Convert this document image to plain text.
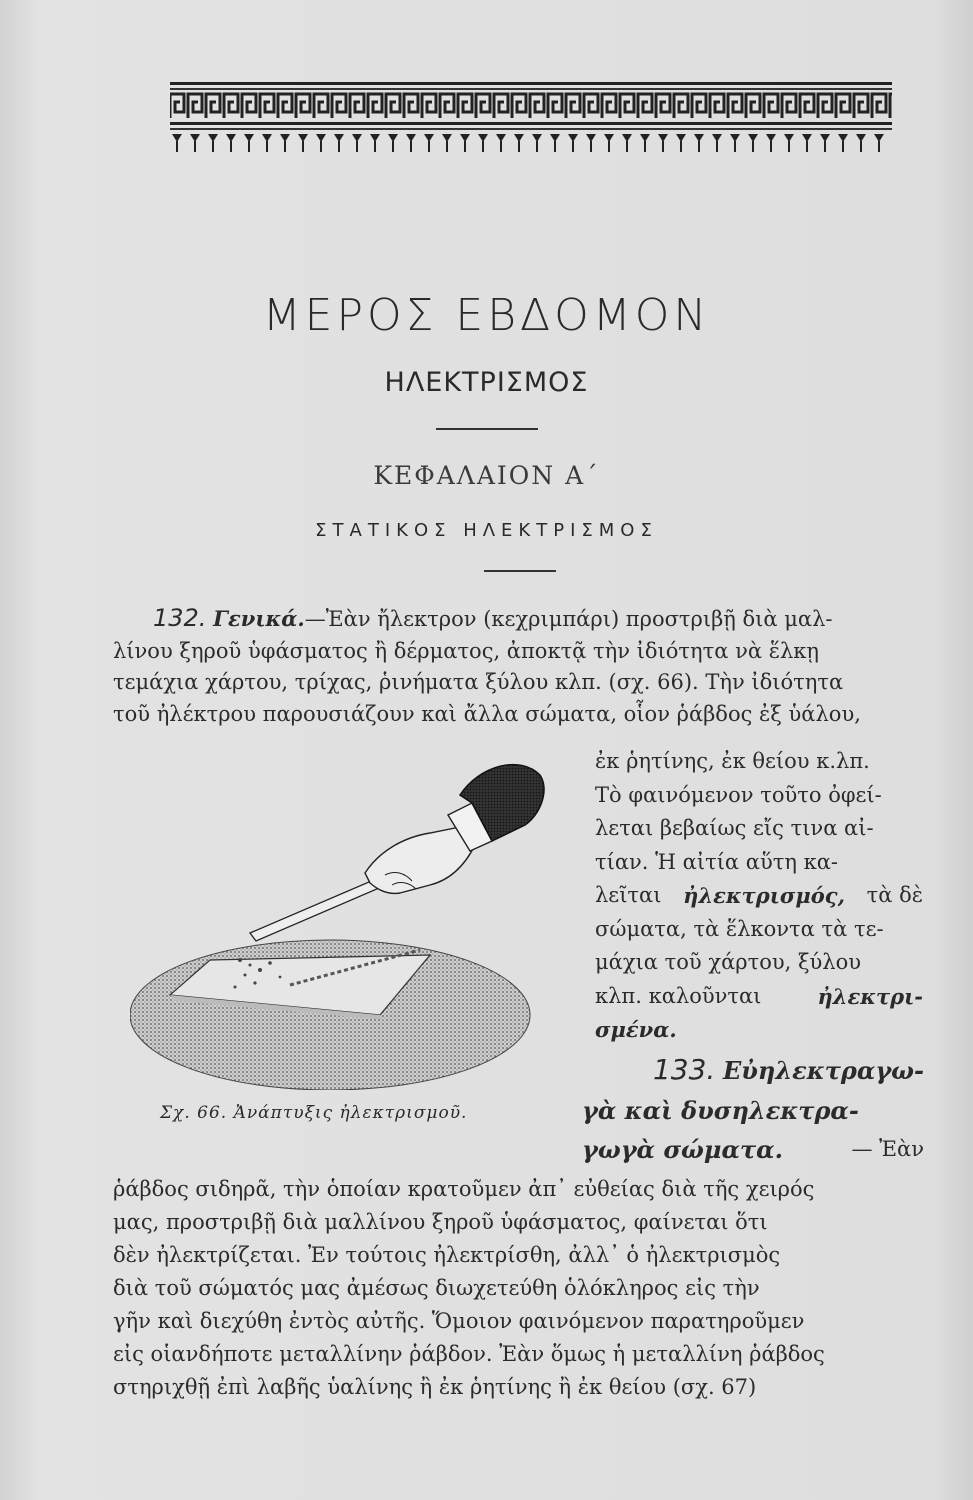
ΜΕΡΟΣ ΕΒΔΟΜΟΝ
ΗΛΕΚΤΡΙΣΜΟΣ
ΚΕΦΑΛΑΙΟΝ Α΄
ΣΤΑΤΙΚΟΣ ΗΛΕΚΤΡΙΣΜΟΣ
132. Γενικά.—Ἐὰν ἤλεκτρον (κεχριμπάρι) προστριβῇ διὰ μαλ-
λίνου ξηροῦ ὑφάσματος ἢ δέρματος, ἀποκτᾷ τὴν ἰδιότητα νὰ ἕλκῃ
τεμάχια χάρτου, τρίχας, ῥινήματα ξύλου κλπ. (σχ. 66). Τὴν ἰδιότητα
τοῦ ἠλέκτρου παρουσιάζουν καὶ ἄλλα σώματα, οἷον ῥάβδος ἐξ ὑάλου,
ἐκ ῥητίνης, ἐκ θείου κ.λπ.
Τὸ φαινόμενον τοῦτο ὀφεί-
λεται βεβαίως εἴς τινα αἰ-
τίαν. Ἡ αἰτία αὕτη κα-
λεῖται ἠλεκτρισμός, τὰ δὲ
σώματα, τὰ ἕλκοντα τὰ τε-
μάχια τοῦ χάρτου, ξύλου
κλπ. καλοῦνται	ἠλεκτρι-
σμένα.
133. Εὐηλεκτραγω-
γὰ καὶ δυσηλεκτρα-
γωγὰ σώματα.	— Ἐὰν
ῥάβδος σιδηρᾶ, τὴν ὁποίαν κρατοῦμεν ἀπ᾽ εὐθείας διὰ τῆς χειρός
μας, προστριβῇ διὰ μαλλίνου ξηροῦ ὑφάσματος, φαίνεται ὅτι
δὲν ἠλεκτρίζεται. Ἐν τούτοις ἠλεκτρίσθη, ἀλλ᾽ ὁ ἠλεκτρισμὸς
διὰ τοῦ σώματός μας ἀμέσως διωχετεύθη ὁλόκληρος εἰς τὴν
γῆν καὶ διεχύθη ἐντὸς αὐτῆς. Ὅμοιον φαινόμενον παρατηροῦμεν
εἰς οἱανδήποτε μεταλλίνην ῥάβδον. Ἐὰν ὅμως ἡ μεταλλίνη ῥάβδος
στηριχθῇ ἐπὶ λαβῆς ὑαλίνης ἢ ἐκ ῥητίνης ἢ ἐκ θείου (σχ. 67)
Σχ. 66. Ἀνάπτυξις ἠλεκτρισμοῦ.
